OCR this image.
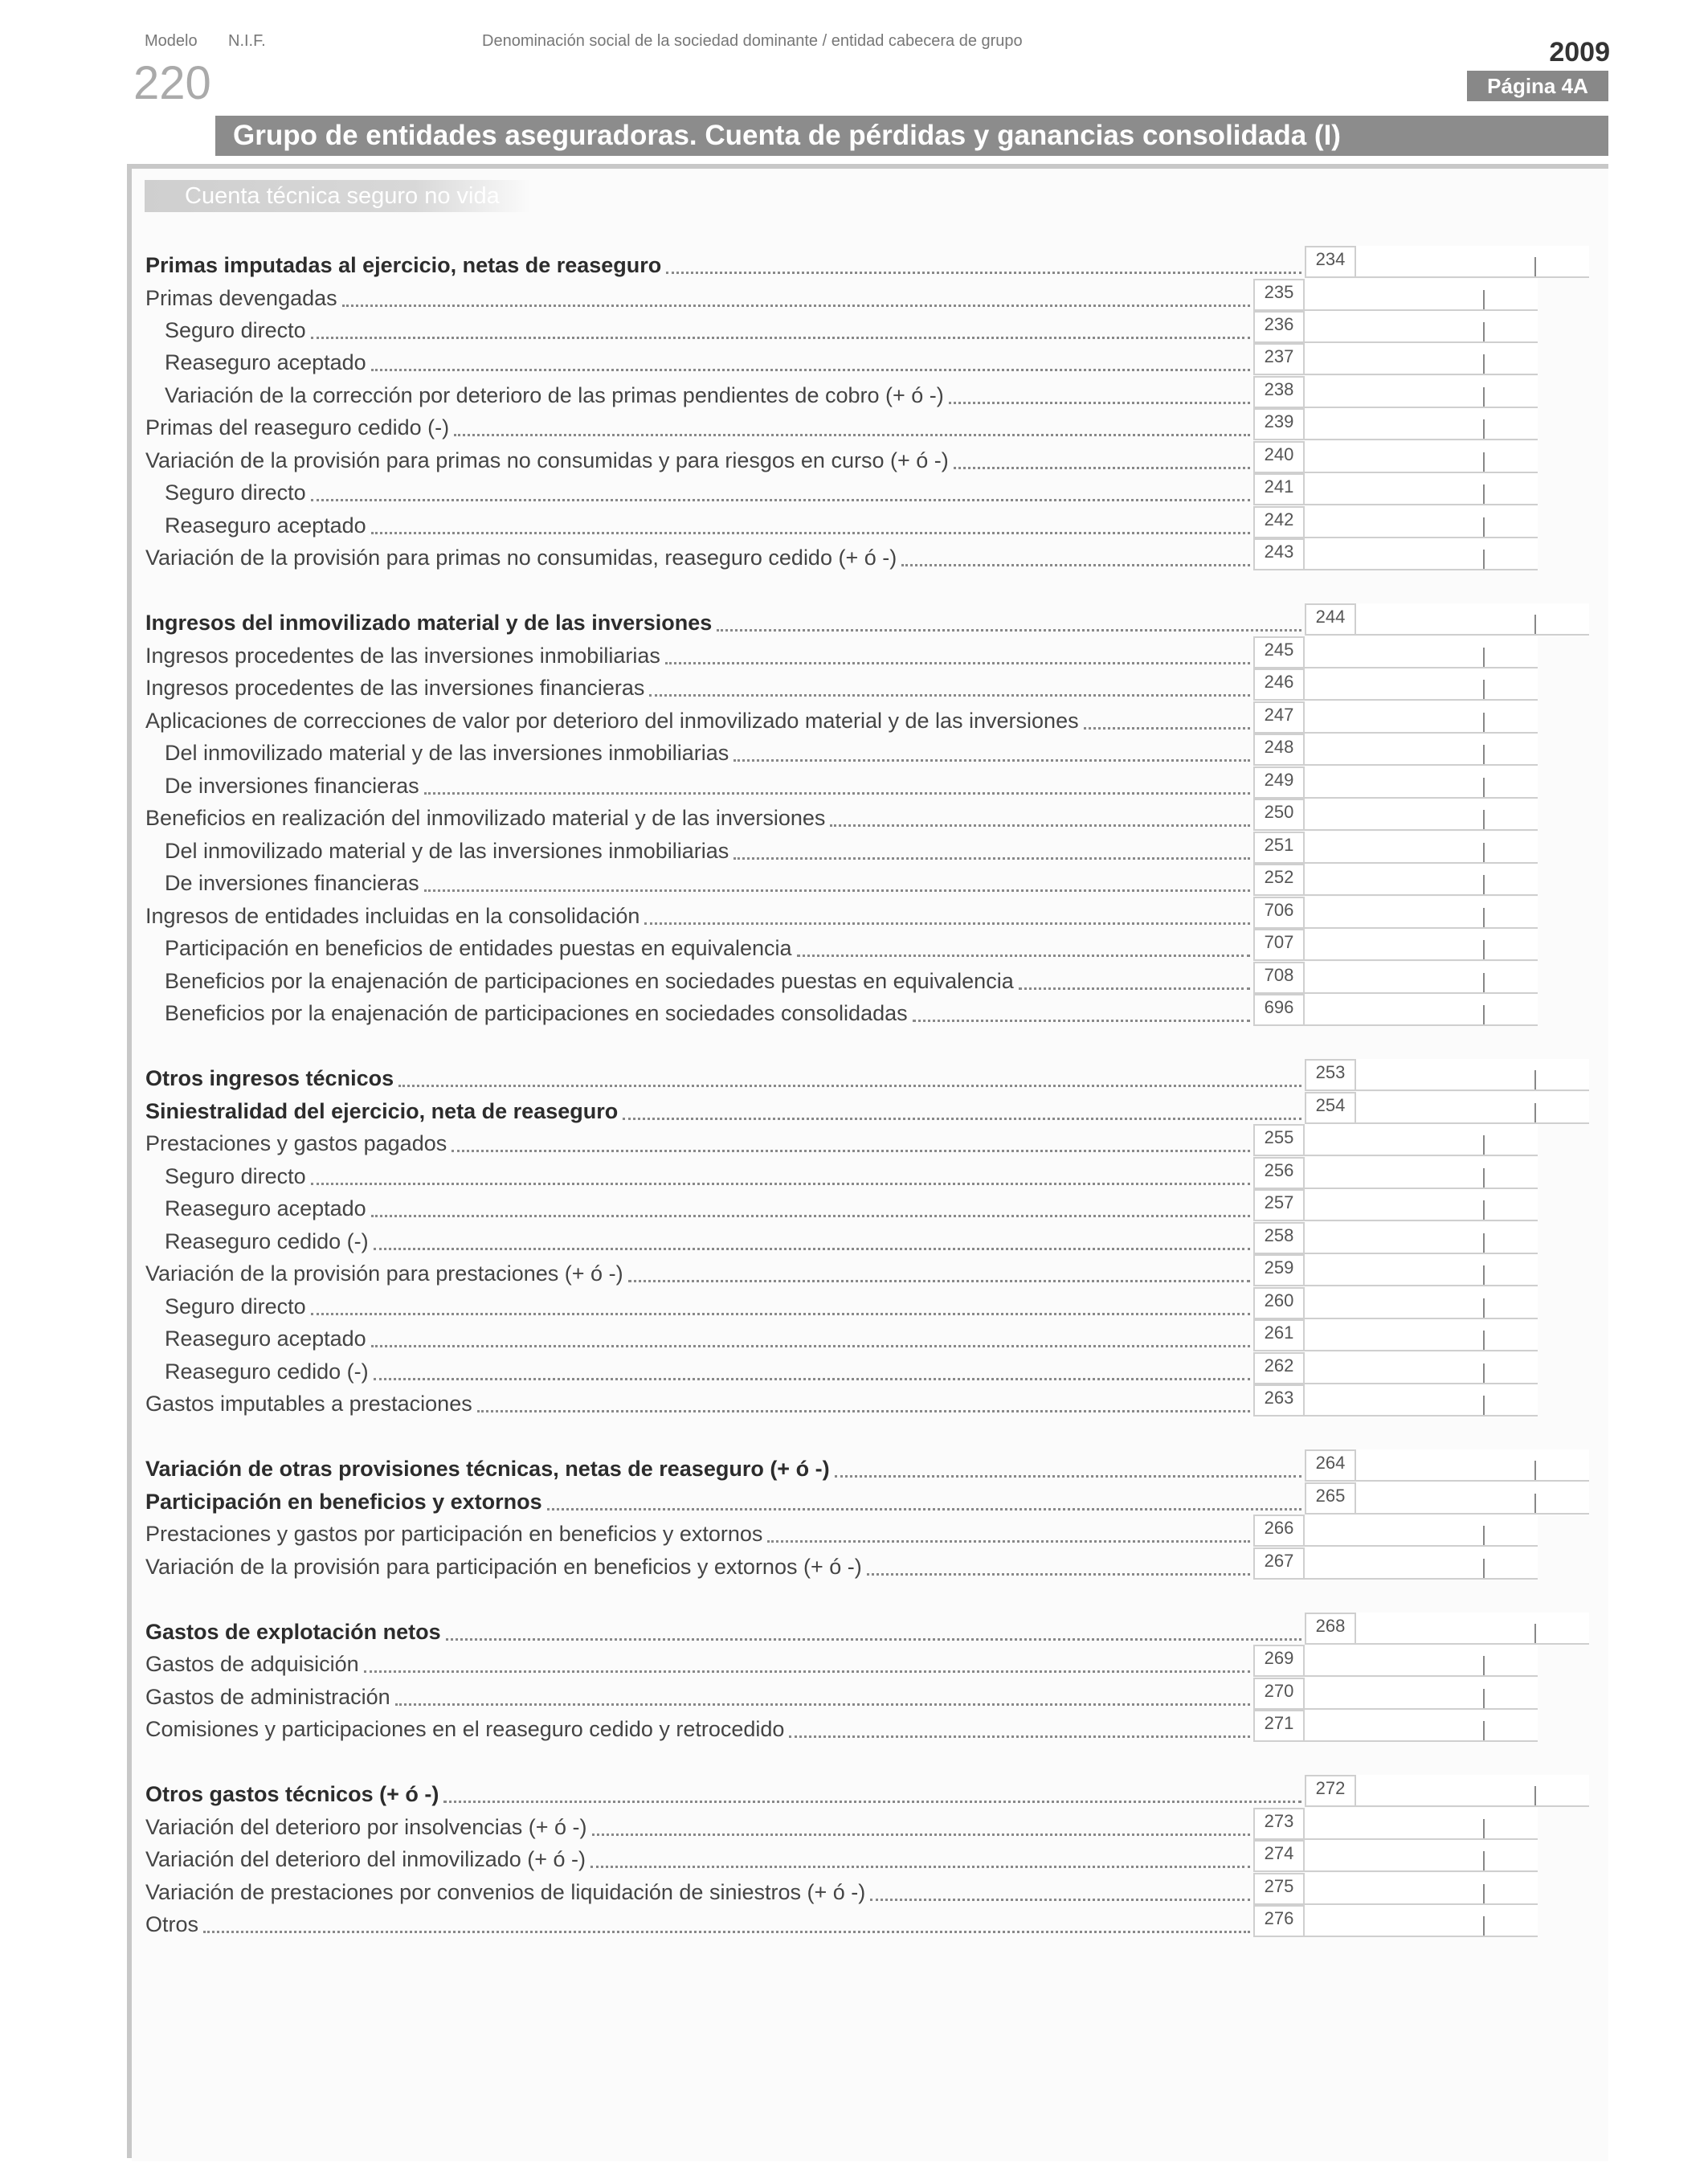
Modelo
220
N.I.F.	Denominación social de la sociedad dominante / entidad cabecera de grupo	2009
Página 4A
Grupo de entidades aseguradoras. Cuenta de pérdidas y ganancias consolidada (I)
Cuenta técnica seguro no vida
Primas imputadas al ejercicio, netas de reaseguro	234
Primas devengadas	235
Seguro directo	236
Reaseguro aceptado	237
Variación de la corrección por deterioro de las primas pendientes de cobro (+ ó -)	238
Primas del reaseguro cedido (-)	239
Variación de la provisión para primas no consumidas y para riesgos en curso (+ ó -)	240
Seguro directo	241
Reaseguro aceptado	242
Variación de la provisión para primas no consumidas, reaseguro cedido (+ ó -)	243
Ingresos del inmovilizado material y de las inversiones	244
Ingresos procedentes de las inversiones inmobiliarias	245
Ingresos procedentes de las inversiones financieras	246
Aplicaciones de correcciones de valor por deterioro del inmovilizado material y de las inversiones	247
Del inmovilizado material y de las inversiones inmobiliarias	248
De inversiones financieras	249
Beneficios en realización del inmovilizado material y de las inversiones	250
Del inmovilizado material y de las inversiones inmobiliarias	251
De inversiones financieras	252
Ingresos de entidades incluidas en la consolidación	706
Participación en beneficios de entidades puestas en equivalencia	707
Beneficios por la enajenación de participaciones en sociedades puestas en equivalencia	708
Beneficios por la enajenación de participaciones en sociedades consolidadas	696
Otros ingresos técnicos	253
Siniestralidad del ejercicio, neta de reaseguro	254
Prestaciones y gastos pagados	255
Seguro directo	256
Reaseguro aceptado	257
Reaseguro cedido (-)	258
Variación de la provisión para prestaciones (+ ó -)	259
Seguro directo	260
Reaseguro aceptado	261
Reaseguro cedido (-)	262
Gastos imputables a prestaciones	263
Variación de otras provisiones técnicas, netas de reaseguro (+ ó -)	264
Participación en beneficios y extornos	265
Prestaciones y gastos por participación en beneficios y extornos	266
Variación de la provisión para participación en beneficios y extornos (+ ó -)	267
Gastos de explotación netos	268
Gastos de adquisición	269
Gastos de administración	270
Comisiones y participaciones en el reaseguro cedido y retrocedido	271
Otros gastos técnicos (+ ó -)	272
Variación del deterioro por insolvencias (+ ó -)	273
Variación del deterioro del inmovilizado (+ ó -)	274
Variación de prestaciones por convenios de liquidación de siniestros (+ ó -)	275
Otros	276
